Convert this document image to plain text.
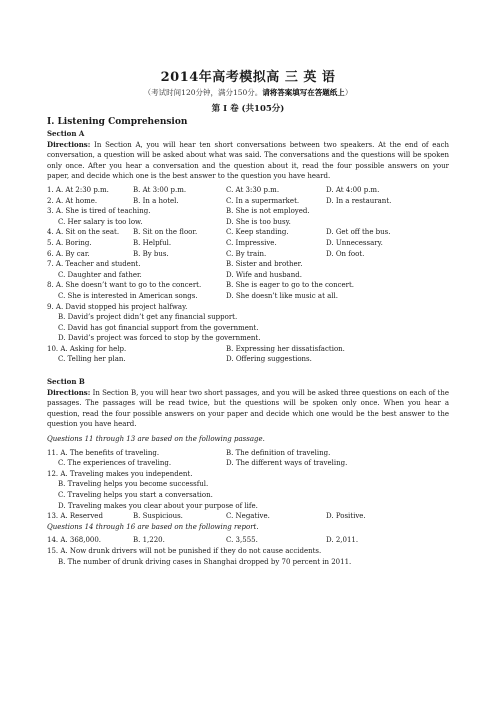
2014年高考模拟高 三 英 语
（考试时间120分钟，满分150分。请将答案填写在答题纸上）
第 I 卷 (共105分)
I. Listening Comprehension
Section A
Directions: In Section A, you will hear ten short conversations between two speakers. At the end of each conversation, a question will be asked about what was said. The conversations and the questions will be spoken only once. After you hear a conversation and the question about it, read the four possible answers on your paper, and decide which one is the best answer to the question you have heard.
1. A. At 2:30 p.m.	B. At 3:00 p.m.	C. At 3:30 p.m.	D. At 4:00 p.m.
2. A. At home.	B. In a hotel.	C. In a supermarket.	D. In a restaurant.
3. A. She is tired of teaching.	B. She is not employed.
C. Her salary is too low.	D. She is too busy.
4. A. Sit on the seat.	B. Sit on the floor.	C. Keep standing.	D. Get off the bus.
5. A. Boring.	B. Helpful.	C. Impressive.	D. Unnecessary.
6. A. By car.	B. By bus.	C. By train.	D. On foot.
7. A. Teacher and student.	B. Sister and brother.
C. Daughter and father.	D. Wife and husband.
8. A. She doesn’t want to go to the concert.	B. She is eager to go to the concert.
C. She is interested in American songs.	D. She doesn’t like music at all.
9. A. David stopped his project halfway.
B. David’s project didn’t get any financial support.
C. David has got financial support from the government.
D. David’s project was forced to stop by the government.
10. A. Asking for help.	B. Expressing her dissatisfaction.
C. Telling her plan.	D. Offering suggestions.
Section B
Directions: In Section B, you will hear two short passages, and you will be asked three questions on each of the passages. The passages will be read twice, but the questions will be spoken only once. When you hear a question, read the four possible answers on your paper and decide which one would be the best answer to the question you have heard.
Questions 11 through 13 are based on the following passage.
11. A. The benefits of traveling.	B. The definition of traveling.
C. The experiences of traveling.	D. The different ways of traveling.
12. A. Traveling makes you independent.
B. Traveling helps you become successful.
C. Traveling helps you start a conversation.
D. Traveling makes you clear about your purpose of life.
13. A. Reserved	B. Suspicious.	C. Negative.	D. Positive.
Questions 14 through 16 are based on the following report.
14. A. 368,000.	B. 1,220.	C. 3,555.	D. 2,011.
15. A. Now drunk drivers will not be punished if they do not cause accidents.
B. The number of drunk driving cases in Shanghai dropped by 70 percent in 2011.
